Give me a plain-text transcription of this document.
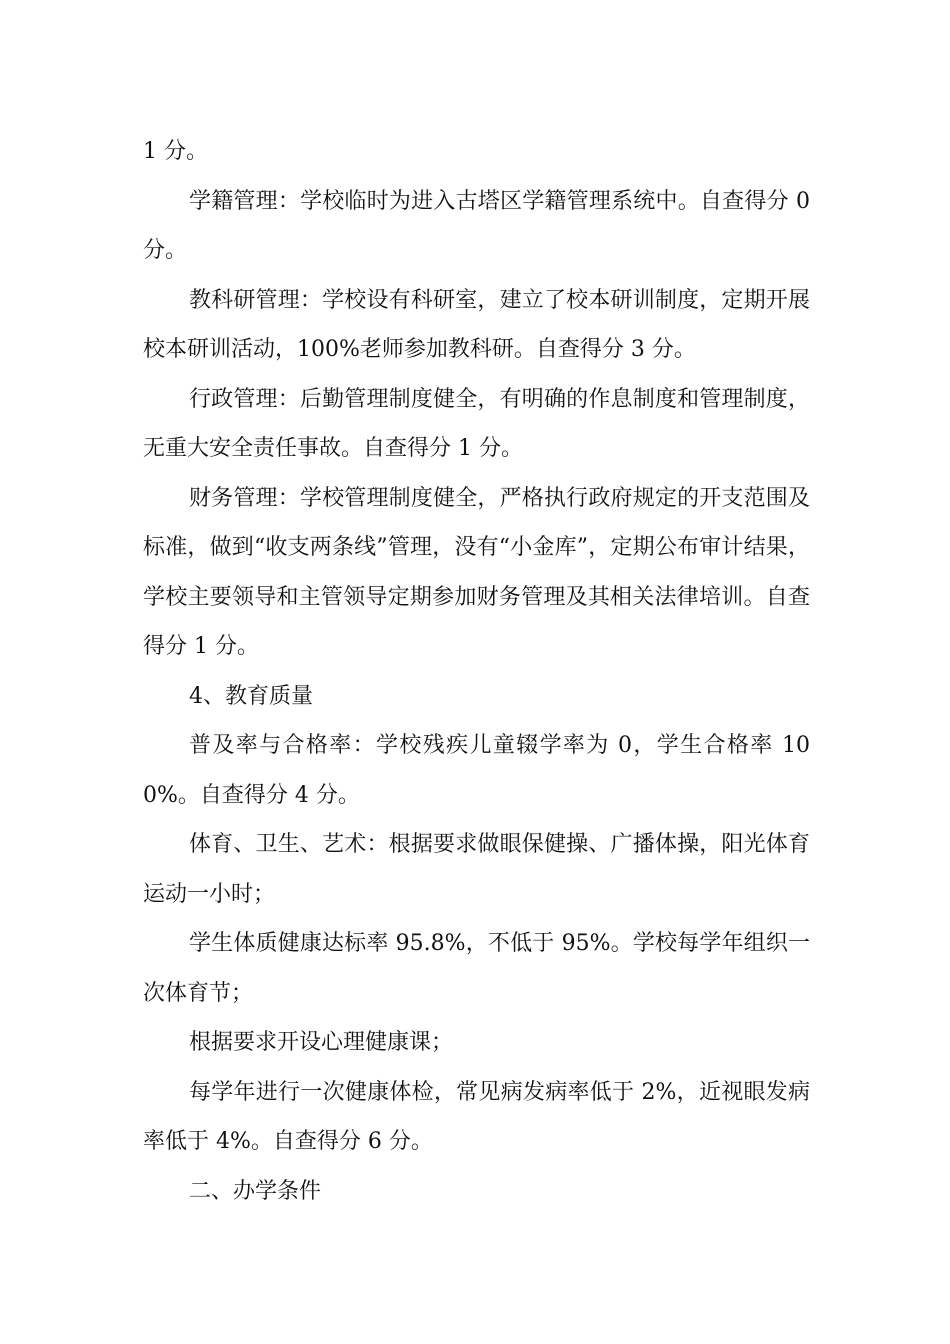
1 分。

学籍管理：学校临时为进入古塔区学籍管理系统中。自查得分 0 分。

教科研管理：学校设有科研室，建立了校本研训制度，定期开展校本研训活动，100%老师参加教科研。自查得分 3 分。

行政管理：后勤管理制度健全，有明确的作息制度和管理制度，无重大安全责任事故。自查得分 1 分。

财务管理：学校管理制度健全，严格执行政府规定的开支范围及标准，做到“收支两条线”管理，没有“小金库”，定期公布审计结果，学校主要领导和主管领导定期参加财务管理及其相关法律培训。自查得分 1 分。

4、教育质量

普及率与合格率：学校残疾儿童辍学率为 0，学生合格率 100%。自查得分 4 分。

体育、卫生、艺术：根据要求做眼保健操、广播体操，阳光体育运动一小时；

学生体质健康达标率 95.8%，不低于 95%。学校每学年组织一次体育节；

根据要求开设心理健康课；

每学年进行一次健康体检，常见病发病率低于 2%，近视眼发病率低于 4%。自查得分 6 分。

二、办学条件
